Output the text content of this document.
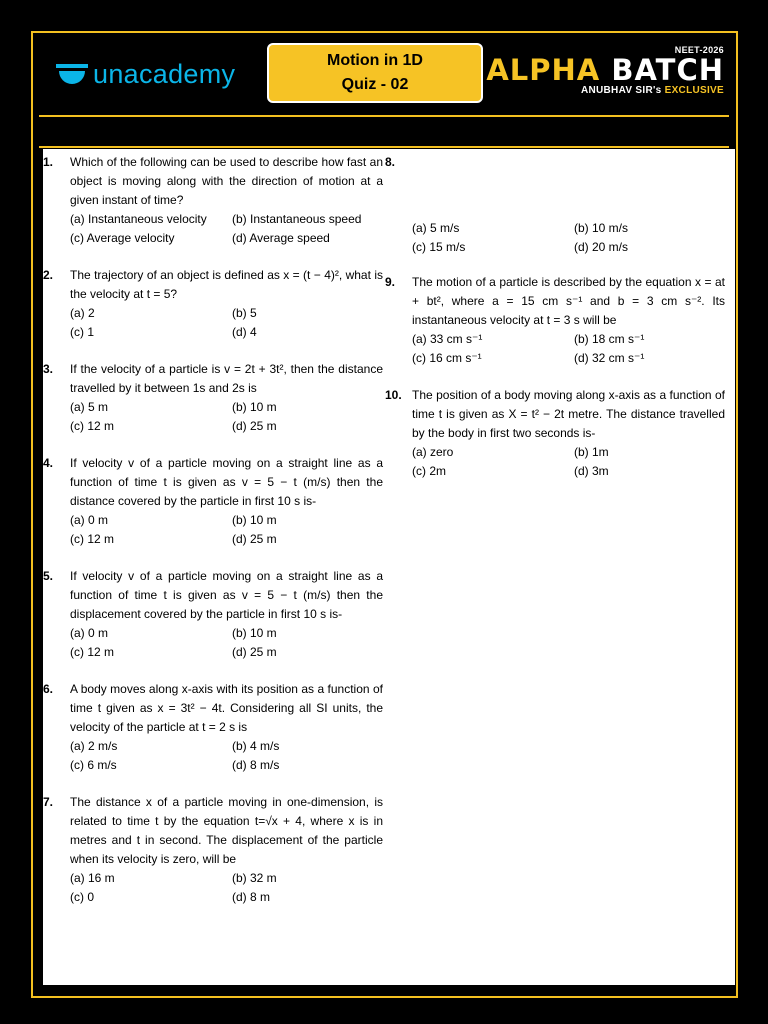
unacademy	Motion in 1D
Quiz - 02
NEET-2026
ALPHA BATCH
ANUBHAV SIR's EXCLUSIVE
1.	Which of the following can be used to describe how fast an object is moving along with the direction of motion at a given instant of time?
(a) Instantaneous velocity	(b) Instantaneous speed
(c) Average velocity	(d) Average speed
2.	The trajectory of an object is defined as x = (t − 4)², what is the velocity at t = 5?
(a) 2	(b) 5
(c) 1	(d) 4
3.	If the velocity of a particle is v = 2t + 3t², then the distance travelled by it between 1s and 2s is
(a) 5 m	(b) 10 m
(c) 12 m	(d) 25 m
4.	If velocity v of a particle moving on a straight line as a function of time t is given as v = 5 − t (m/s) then the distance covered by the particle in first 10 s is-
(a) 0 m	(b) 10 m
(c) 12 m	(d) 25 m
5.	If velocity v of a particle moving on a straight line as a function of time t is given as v = 5 − t (m/s) then the displacement covered by the particle in first 10 s is-
(a) 0 m	(b) 10 m
(c) 12 m	(d) 25 m
6.	A body moves along x-axis with its position as a function of time t given as x = 3t² − 4t. Considering all SI units, the velocity of the particle at t = 2 s is
(a) 2 m/s	(b) 4 m/s
(c) 6 m/s	(d) 8 m/s
7.	The distance x of a particle moving in one-dimension, is related to time t by the equation t=√x + 4, where x is in metres and t in second. The displacement of the particle when its velocity is zero, will be
(a) 16 m	(b) 32 m
(c) 0	(d) 8 m
8.
(a) 5 m/s	(b) 10 m/s
(c) 15 m/s	(d) 20 m/s
9.	The motion of a particle is described by the equation x = at + bt², where a = 15 cm s⁻¹ and b = 3 cm s⁻². Its instantaneous velocity at t = 3 s will be
(a) 33 cm s⁻¹	(b) 18 cm s⁻¹
(c) 16 cm s⁻¹	(d) 32 cm s⁻¹
10. The position of a body moving along x-axis as a function of time t is given as X = t² − 2t metre. The distance travelled by the body in first two seconds is-
(a) zero	(b) 1m
(c) 2m	(d) 3m
